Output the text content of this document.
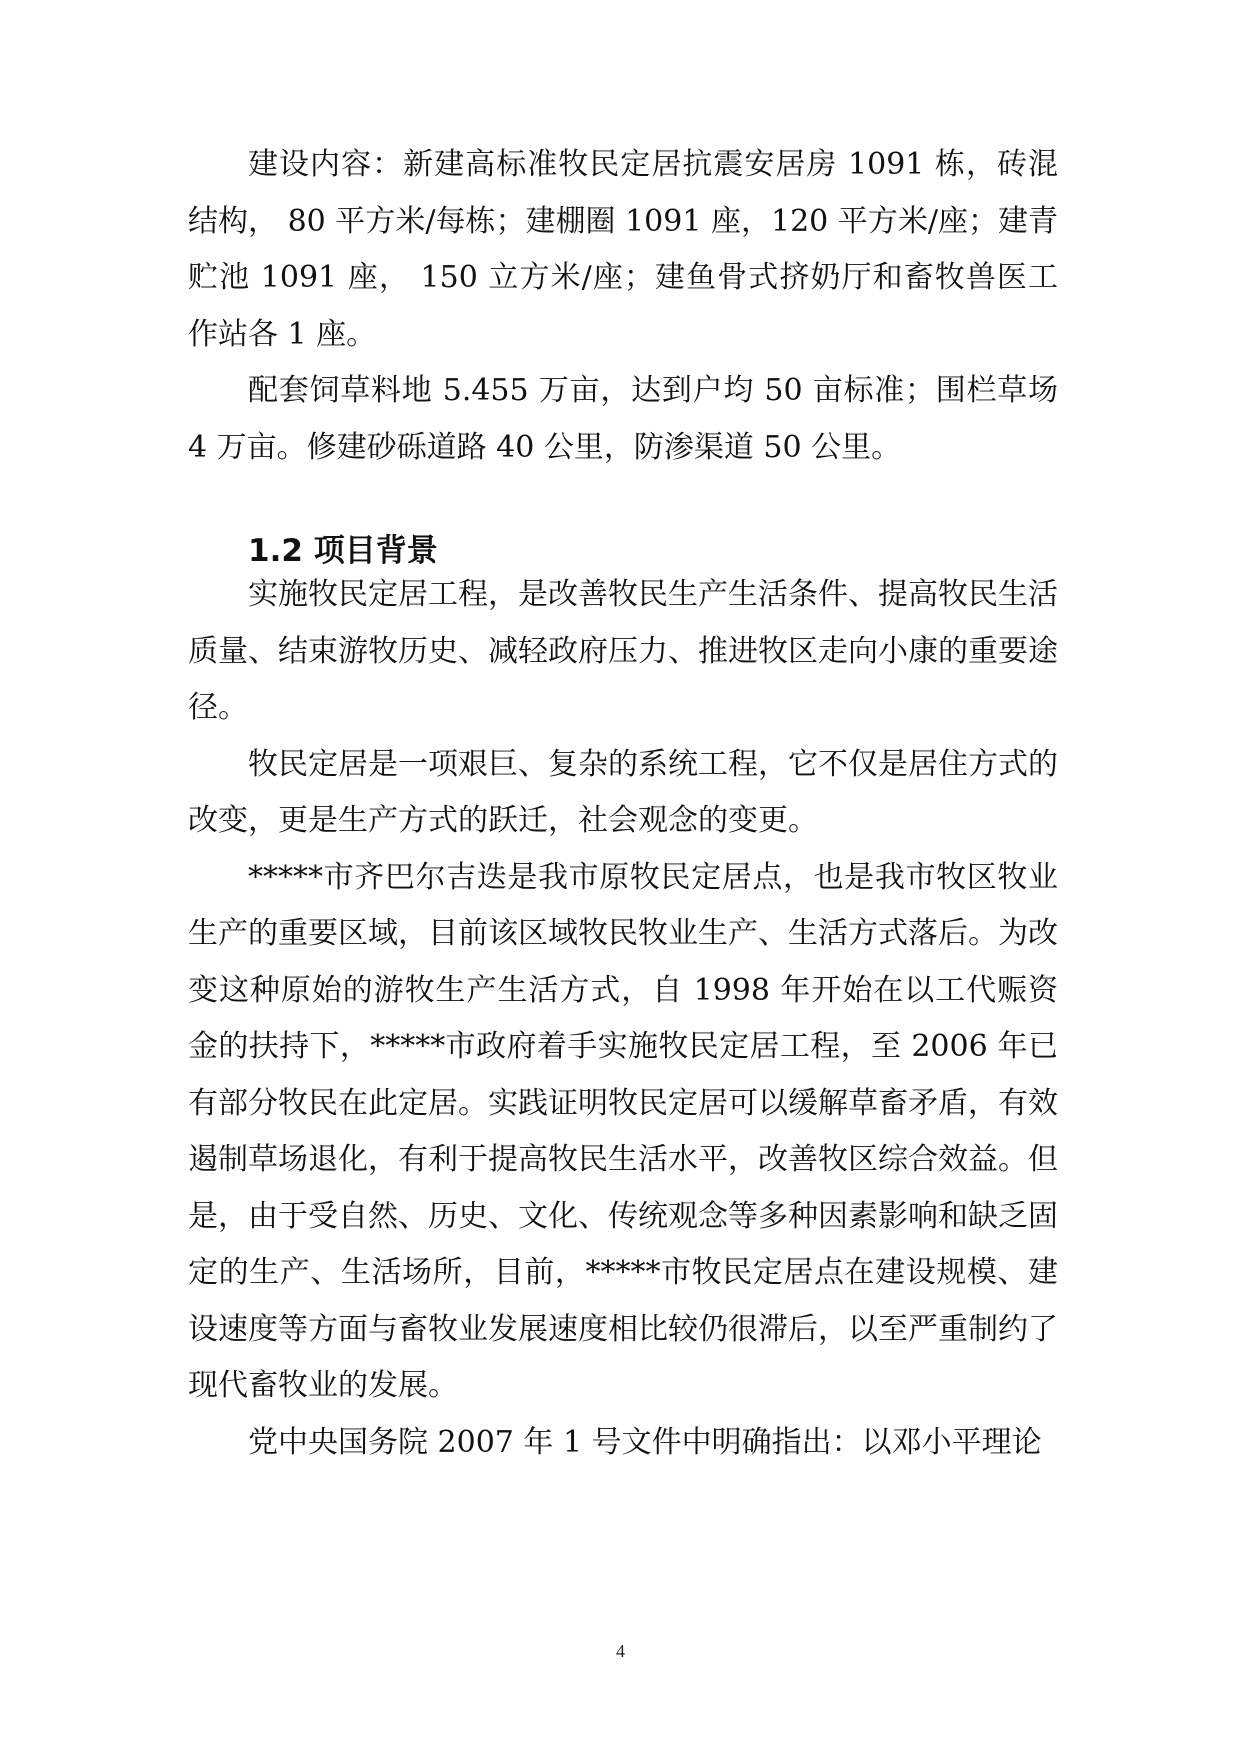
建设内容：新建高标准牧民定居抗震安居房 1091 栋，砖混结构， 80 平方米/每栋；建棚圈 1091 座，120 平方米/座；建青贮池 1091 座， 150 立方米/座；建鱼骨式挤奶厅和畜牧兽医工作站各 1 座。

配套饲草料地 5.455 万亩，达到户均 50 亩标准；围栏草场 4 万亩。修建砂砾道路 40 公里，防渗渠道 50 公里。

1.2 项目背景

实施牧民定居工程，是改善牧民生产生活条件、提高牧民生活质量、结束游牧历史、减轻政府压力、推进牧区走向小康的重要途径。

牧民定居是一项艰巨、复杂的系统工程，它不仅是居住方式的改变，更是生产方式的跃迁，社会观念的变更。

*****市齐巴尔吉迭是我市原牧民定居点，也是我市牧区牧业生产的重要区域，目前该区域牧民牧业生产、生活方式落后。为改变这种原始的游牧生产生活方式，自 1998 年开始在以工代赈资金的扶持下，*****市政府着手实施牧民定居工程，至 2006 年已有部分牧民在此定居。实践证明牧民定居可以缓解草畜矛盾，有效遏制草场退化，有利于提高牧民生活水平，改善牧区综合效益。但是，由于受自然、历史、文化、传统观念等多种因素影响和缺乏固定的生产、生活场所，目前，*****市牧民定居点在建设规模、建设速度等方面与畜牧业发展速度相比较仍很滞后，以至严重制约了现代畜牧业的发展。

党中央国务院 2007 年 1 号文件中明确指出：以邓小平理论

4
